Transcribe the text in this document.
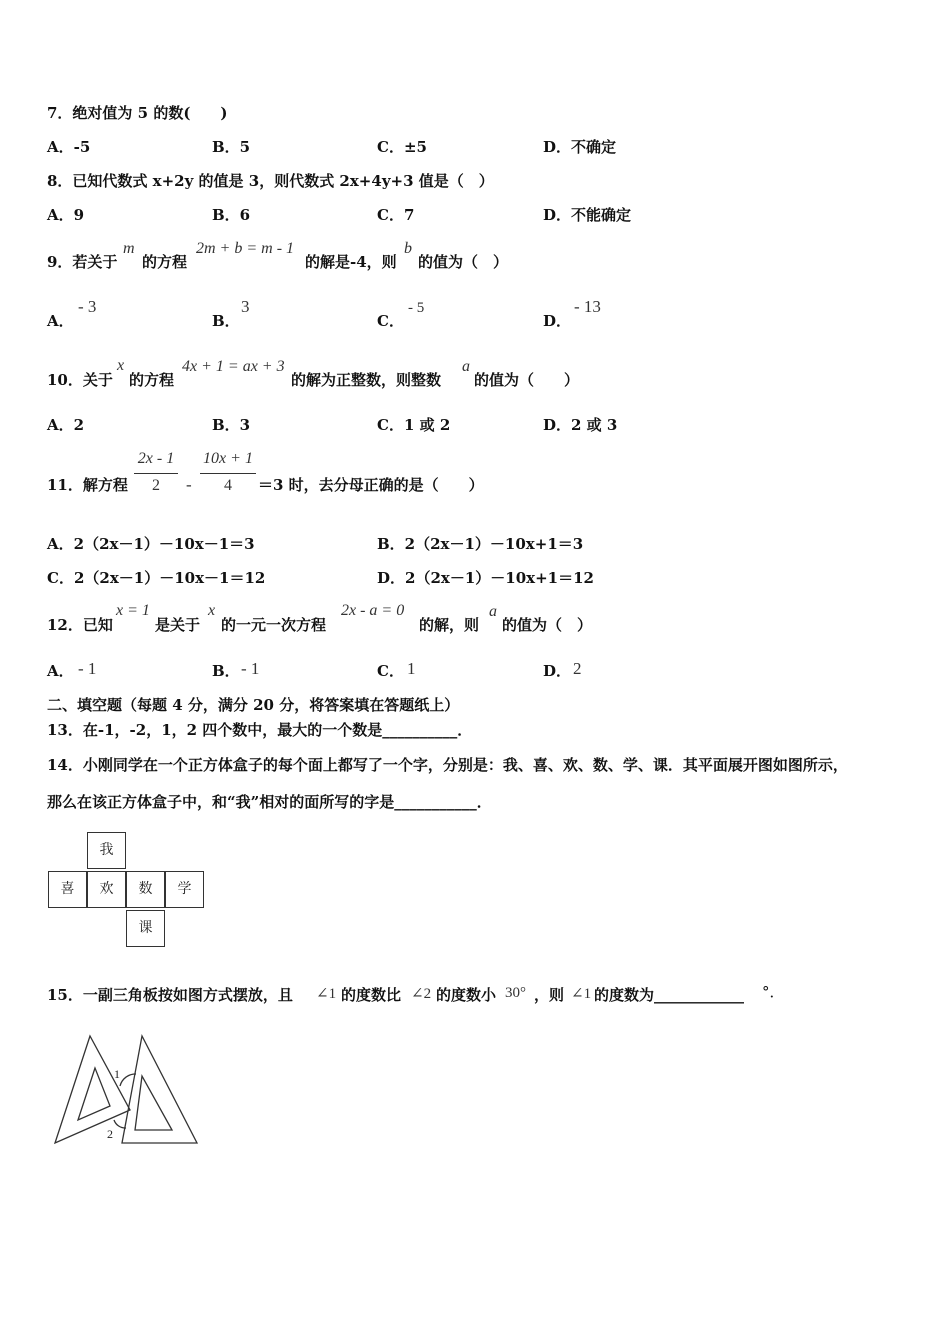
7．绝对值为 5 的数(　　)
A．-5	B．5	C．±5	D．不确定
8．已知代数式 x+2y 的值是 3，则代数式 2x+4y+3 值是（　）
A．9	B．6	C．7	D．不能确定
9．若关于
m
的方程
2m + b = m - 1
的解是-4，则
b
的值为（　）
A．
- 3
B．
3
C．
- 5
D．
- 13
10．关于
x
的方程
4x + 1 = ax + 3
的解为正整数，则整数
a
的值为（　　）
A．2	B．3	C．1 或 2	D．2 或 3
11．解方程
2x - 1
2	-
10x + 1
4	＝3 时，去分母正确的是（　　）
A．2（2x－1）－10x－1＝3	B．2（2x－1）－10x+1＝3
C．2（2x－1）－10x－1＝12	D．2（2x－1）－10x+1＝12
12．已知
x = 1
是关于
x
的一元一次方程
2x - a = 0
的解，则
a
的值为（　）
A． - 1	B． - 1	C． 1	D． 2
二、填空题（每题 4 分，满分 20 分，将答案填在答题纸上）
13．在-1，-2，1，2 四个数中，最大的一个数是__________．
14．小刚同学在一个正方体盒子的每个面上都写了一个字，分别是：我、喜、欢、数、学、课．其平面展开图如图所示，
那么在该正方体盒子中，和“我”相对的面所写的字是___________．
我
喜	欢	数	学
课
15．一副三角板按如图方式摆放，且 ∠1 的度数比 ∠2 的度数小 30° ，则 ∠1 的度数为____________ °．
1
2
